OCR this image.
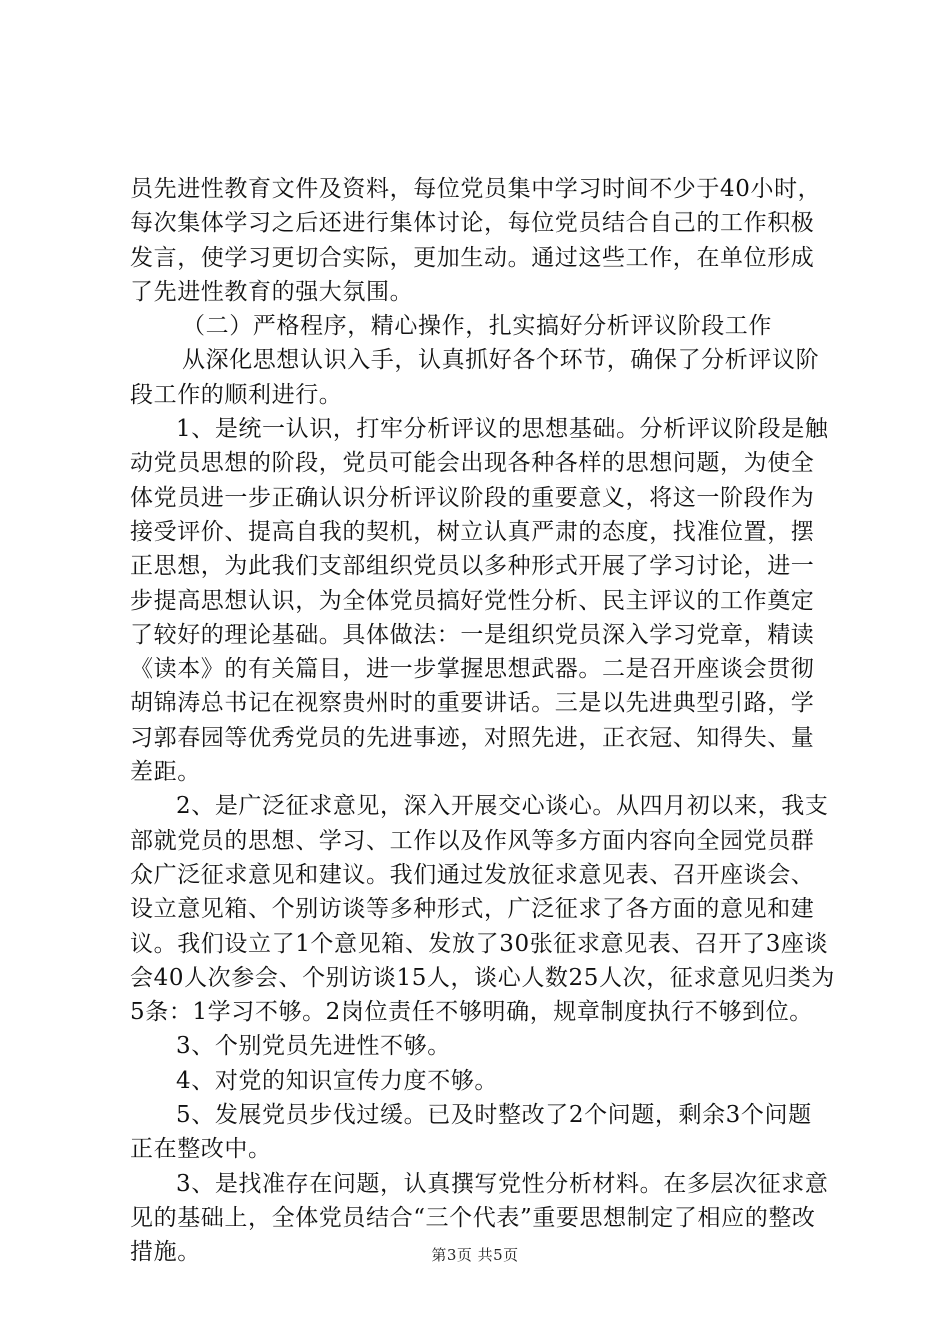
员先进性教育文件及资料，每位党员集中学习时间不少于40小时，每次集体学习之后还进行集体讨论，每位党员结合自己的工作积极发言，使学习更切合实际，更加生动。通过这些工作，在单位形成了先进性教育的强大氛围。

（二）严格程序，精心操作，扎实搞好分析评议阶段工作

从深化思想认识入手，认真抓好各个环节，确保了分析评议阶段工作的顺利进行。

1、是统一认识，打牢分析评议的思想基础。分析评议阶段是触动党员思想的阶段，党员可能会出现各种各样的思想问题，为使全体党员进一步正确认识分析评议阶段的重要意义，将这一阶段作为接受评价、提高自我的契机，树立认真严肃的态度，找准位置，摆正思想，为此我们支部组织党员以多种形式开展了学习讨论，进一步提高思想认识，为全体党员搞好党性分析、民主评议的工作奠定了较好的理论基础。具体做法：一是组织党员深入学习党章，精读《读本》的有关篇目，进一步掌握思想武器。二是召开座谈会贯彻胡锦涛总书记在视察贵州时的重要讲话。三是以先进典型引路，学习郭春园等优秀党员的先进事迹，对照先进，正衣冠、知得失、量差距。

2、是广泛征求意见，深入开展交心谈心。从四月初以来，我支部就党员的思想、学习、工作以及作风等多方面内容向全园党员群众广泛征求意见和建议。我们通过发放征求意见表、召开座谈会、设立意见箱、个别访谈等多种形式，广泛征求了各方面的意见和建议。我们设立了1个意见箱、发放了30张征求意见表、召开了3座谈会40人次参会、个别访谈15人，谈心人数25人次，征求意见归类为5条：1学习不够。2岗位责任不够明确，规章制度执行不够到位。

3、个别党员先进性不够。

4、对党的知识宣传力度不够。

5、发展党员步伐过缓。已及时整改了2个问题，剩余3个问题正在整改中。

3、是找准存在问题，认真撰写党性分析材料。在多层次征求意见的基础上，全体党员结合“三个代表”重要思想制定了相应的整改措施。	第3页 共5页
